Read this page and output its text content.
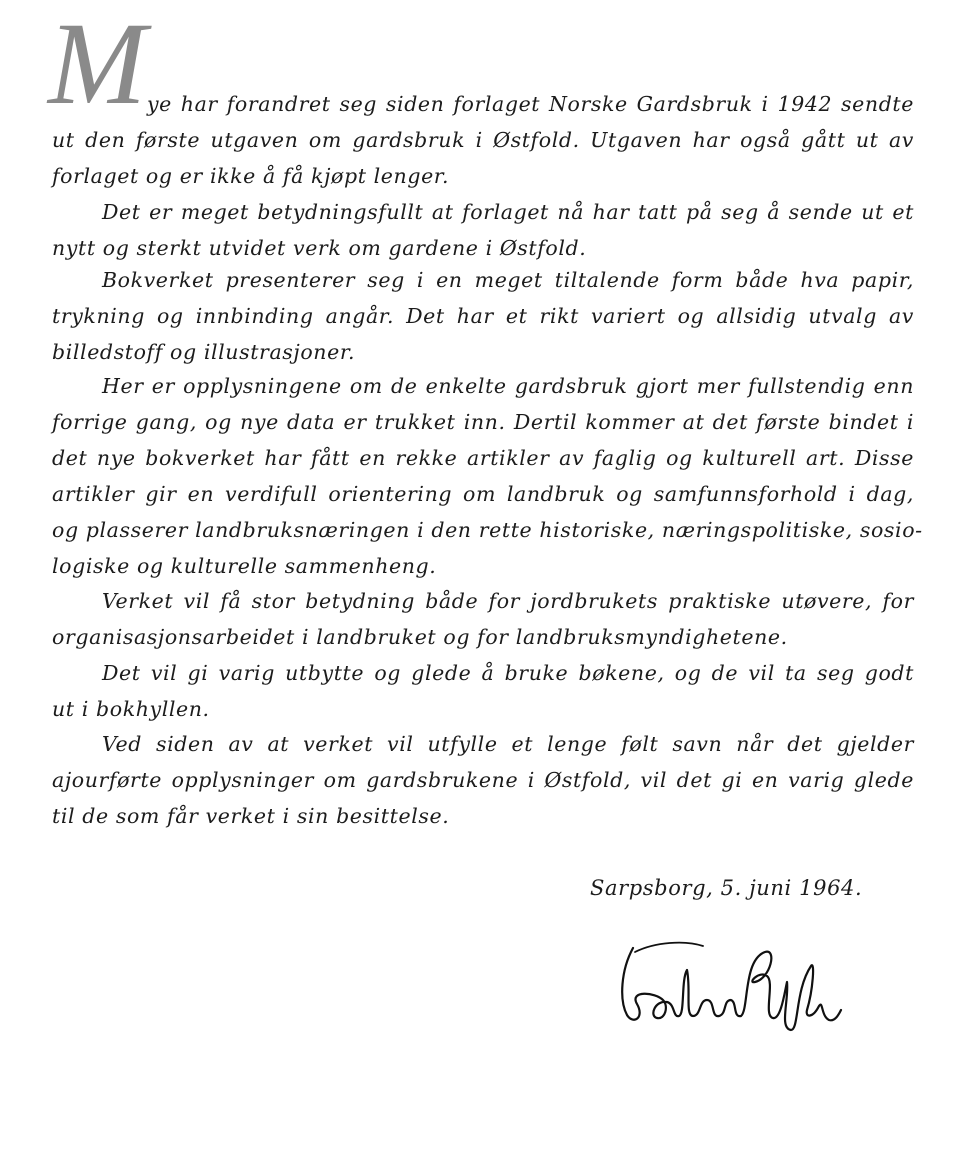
M ye har forandret seg siden forlaget Norske Gardsbruk i 1942 sendte
ut den første utgaven om gardsbruk i Østfold. Utgaven har også gått ut av
forlaget og er ikke å få kjøpt lenger.
Det er meget betydningsfullt at forlaget nå har tatt på seg å sende ut et
nytt og sterkt utvidet verk om gardene i Østfold.
Bokverket presenterer seg i en meget tiltalende form både hva papir,
trykning og innbinding angår. Det har et rikt variert og allsidig utvalg av
billedstoff og illustrasjoner.
Her er opplysningene om de enkelte gardsbruk gjort mer fullstendig enn
forrige gang, og nye data er trukket inn. Dertil kommer at det første bindet i
det nye bokverket har fått en rekke artikler av faglig og kulturell art. Disse
artikler gir en verdifull orientering om landbruk og samfunnsforhold i dag,
og plasserer landbruksnæringen i den rette historiske, næringspolitiske, sosio-
logiske og kulturelle sammenheng.
Verket vil få stor betydning både for jordbrukets praktiske utøvere, for
organisasjonsarbeidet i landbruket og for landbruksmyndighetene.
Det vil gi varig utbytte og glede å bruke bøkene, og de vil ta seg godt
ut i bokhyllen.
Ved siden av at verket vil utfylle et lenge følt savn når det gjelder
ajourførte opplysninger om gardsbrukene i Østfold, vil det gi en varig glede
til de som får verket i sin besittelse.
Sarpsborg, 5. juni 1964.
